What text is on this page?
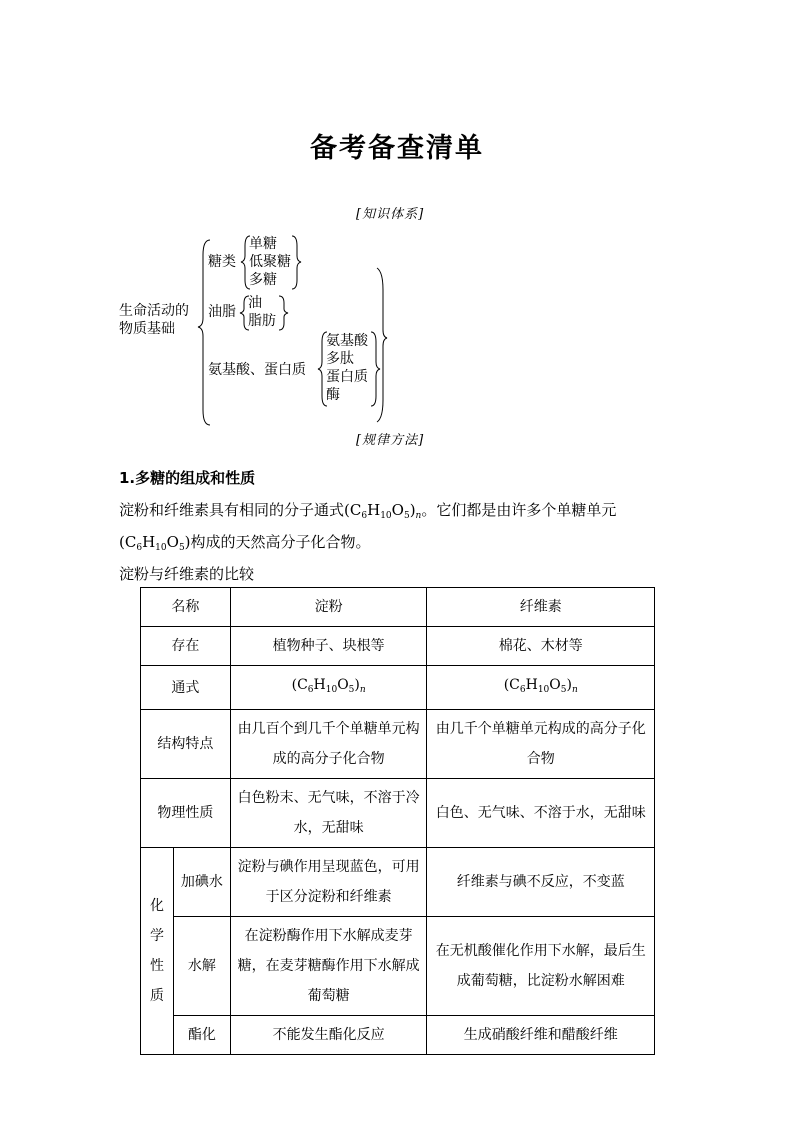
备考备查清单
[知识体系]
生命活动的
物质基础
糖类
单糖
低聚糖
多糖
油脂
油
脂肪
氨基酸、蛋白质
氨基酸
多肽
蛋白质
酶
[规律方法]
1.多糖的组成和性质
淀粉和纤维素具有相同的分子通式$(C_6H_{10}O_5)_n$。它们都是由许多个单糖单元
$(C_6H_{10}O_5)$构成的天然高分子化合物。
淀粉与纤维素的比较
名称		淀粉	纤维素
存在		植物种子、块根等	棉花、木材等
通式		$(C_6H_{10}O_5)_n$	$(C_6H_{10}O_5)_n$
结构特点		由几百个到几千个单糖单元构成的高分子化合物	由几千个单糖单元构成的高分子化合物
物理性质		白色粉末、无气味，不溶于冷水，无甜味	白色、无气味、不溶于水，无甜味

化
学
性
质	加碘水	淀粉与碘作用呈现蓝色，可用于区分淀粉和纤维素	纤维素与碘不反应，不变蓝
	水解	在淀粉酶作用下水解成麦芽糖，在麦芽糖酶作用下水解成葡萄糖	在无机酸催化作用下水解，最后生成葡萄糖，比淀粉水解困难
	酯化	不能发生酯化反应	生成硝酸纤维和醋酸纤维
